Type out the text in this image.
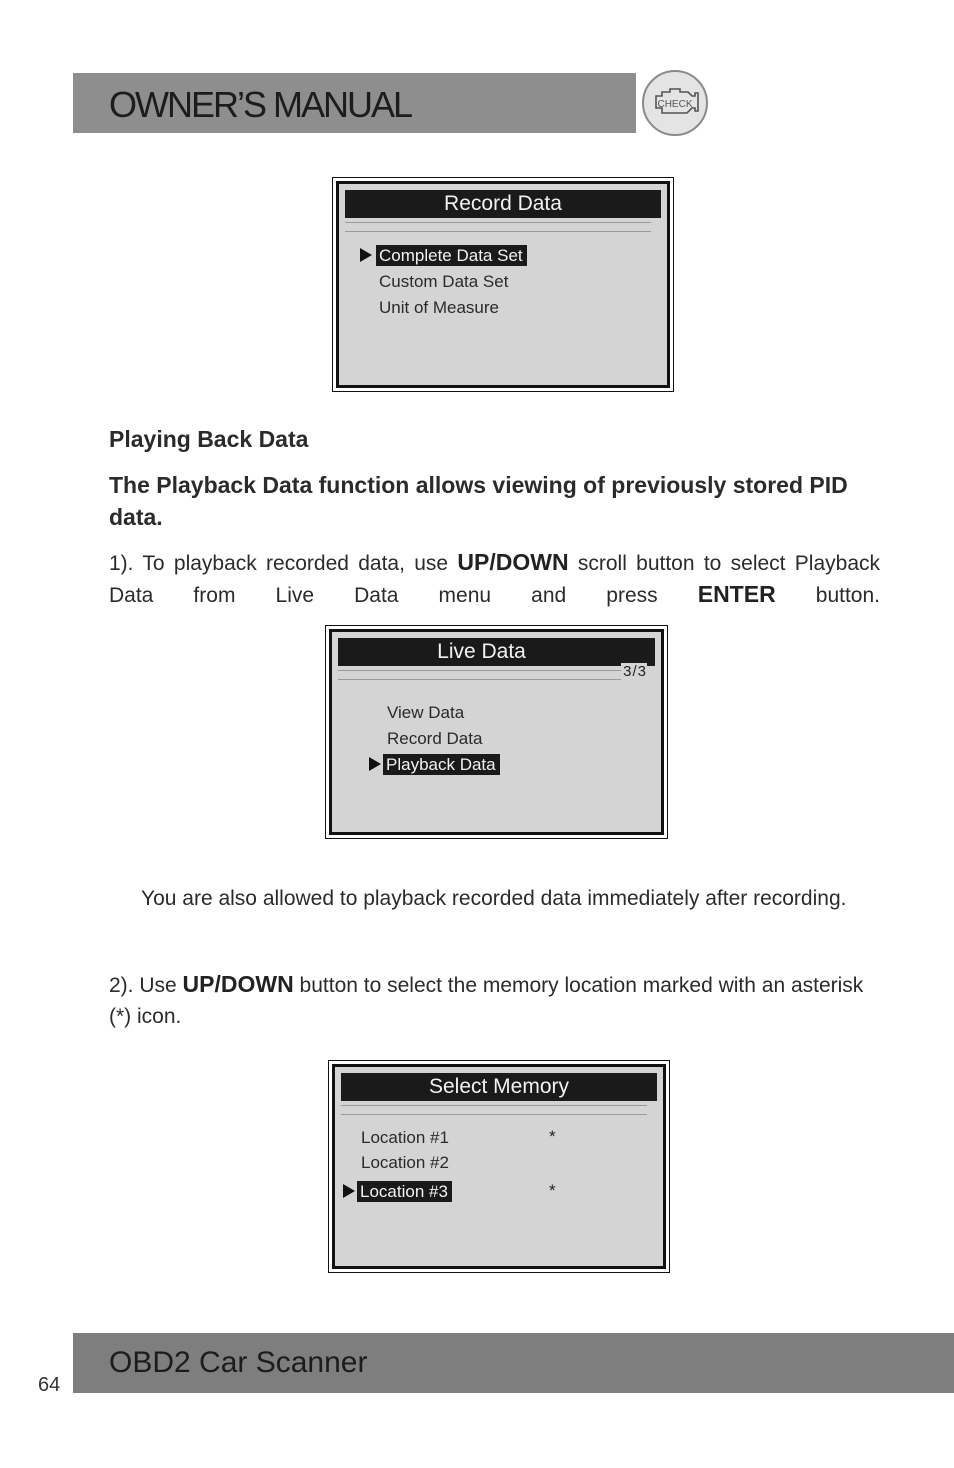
OWNER’S MANUAL	CHECK
Record Data
Complete Data Set
Custom Data Set
Unit of Measure
Playing Back Data

The Playback Data function allows viewing of previously stored PID data.

1). To playback recorded data, use UP/DOWN scroll button to select Playback Data from Live Data menu and press ENTER button.

Live Data
3/3
View Data
Record Data
Playback Data

You are also allowed to playback recorded data immediately after recording.

2). Use UP/DOWN button to select the memory location marked with an asterisk (*) icon.

Select Memory
Location #1	*
Location #2
Location #3	*
64
OBD2 Car Scanner
